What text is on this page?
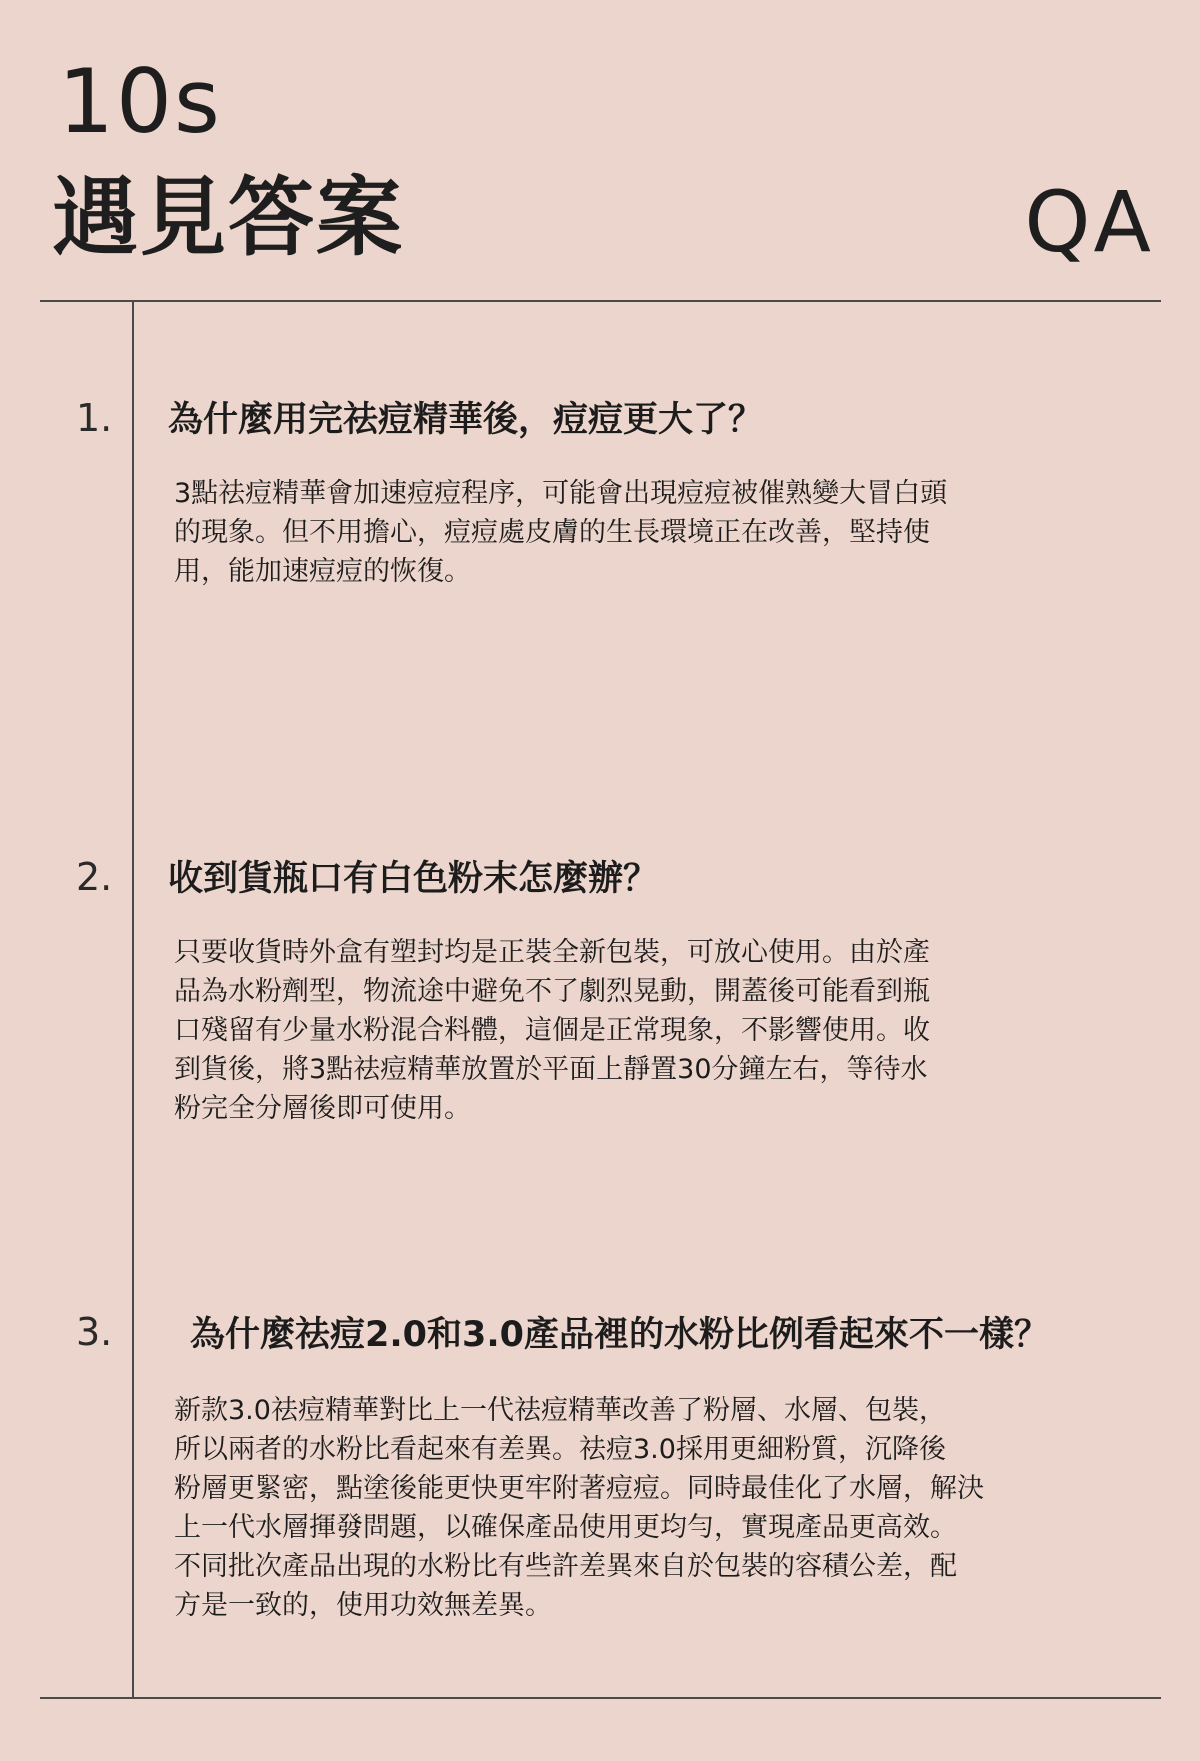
10s
遇見答案	QA
1. 為什麼用完祛痘精華後，痘痘更大了？
3點祛痘精華會加速痘痘程序，可能會出現痘痘被催熟變大冒白頭
的現象。但不用擔心，痘痘處皮膚的生長環境正在改善，堅持使
用，能加速痘痘的恢復。
2. 收到貨瓶口有白色粉末怎麼辦？
只要收貨時外盒有塑封均是正裝全新包裝，可放心使用。由於產
品為水粉劑型，物流途中避免不了劇烈晃動，開蓋後可能看到瓶
口殘留有少量水粉混合料體，這個是正常現象，不影響使用。收
到貨後，將3點祛痘精華放置於平面上靜置30分鐘左右，等待水
粉完全分層後即可使用。
3. 為什麼祛痘2.0和3.0產品裡的水粉比例看起來不一樣？
新款3.0祛痘精華對比上一代祛痘精華改善了粉層、水層、包裝，
所以兩者的水粉比看起來有差異。祛痘3.0採用更細粉質，沉降後
粉層更緊密，點塗後能更快更牢附著痘痘。同時最佳化了水層，解決
上一代水層揮發問題，以確保產品使用更均勻，實現產品更高效。
不同批次產品出現的水粉比有些許差異來自於包裝的容積公差，配
方是一致的，使用功效無差異。
